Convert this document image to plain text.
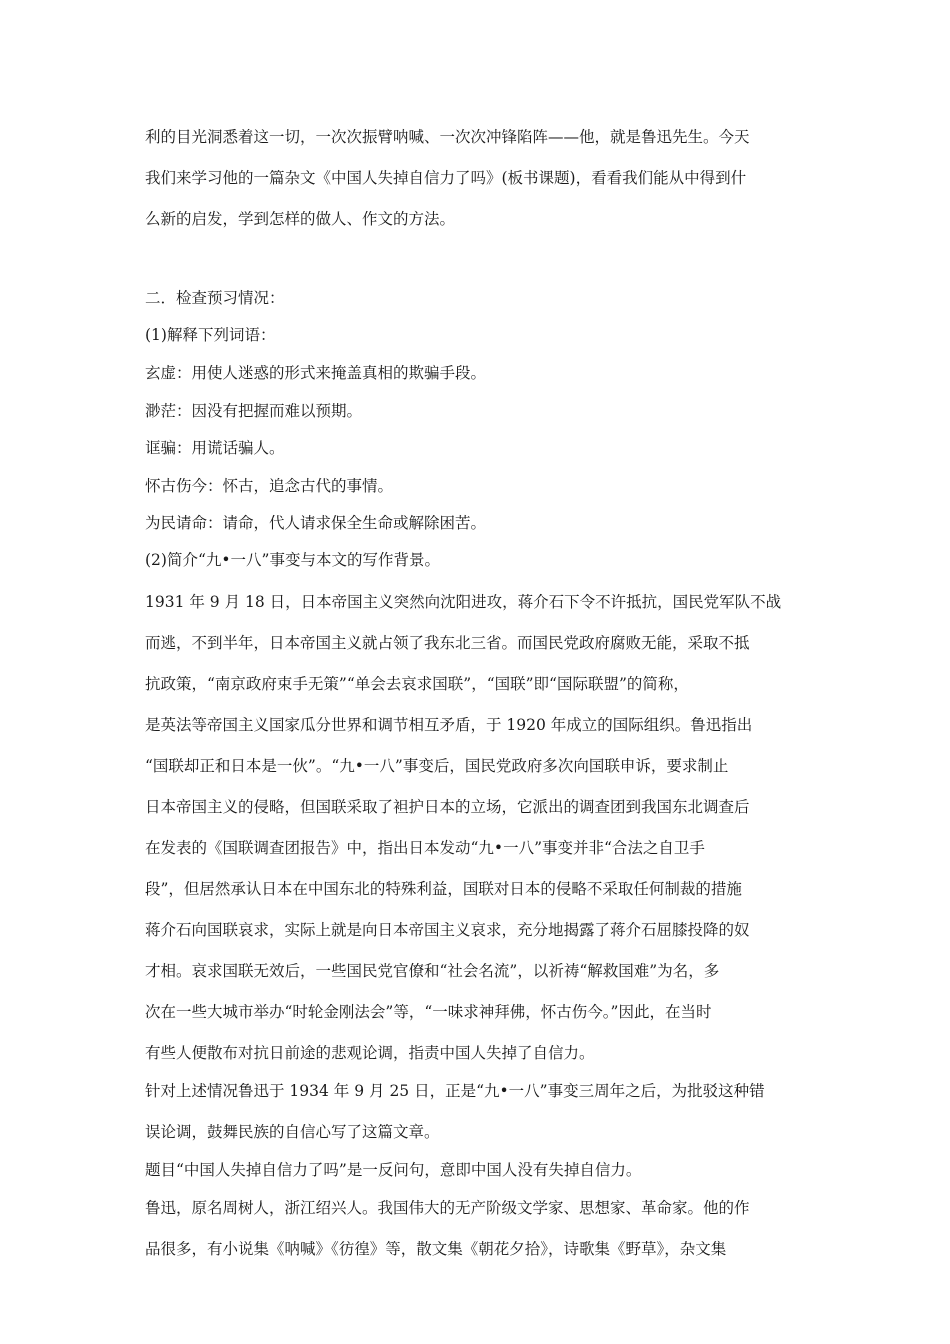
利的目光洞悉着这一切，一次次振臂呐喊、一次次冲锋陷阵——他，就是鲁迅先生。今天

我们来学习他的一篇杂文《中国人失掉自信力了吗》(板书课题)，看看我们能从中得到什

么新的启发，学到怎样的做人、作文的方法。

二．检查预习情况：

(1)解释下列词语：

玄虚：用使人迷惑的形式来掩盖真相的欺骗手段。

渺茫：因没有把握而难以预期。

诓骗：用谎话骗人。

怀古伤今：怀古，追念古代的事情。

为民请命：请命，代人请求保全生命或解除困苦。

(2)简介“九•一八”事变与本文的写作背景。

1931 年 9 月 18 日，日本帝国主义突然向沈阳进攻，蒋介石下令不许抵抗，国民党军队不战

而逃，不到半年，日本帝国主义就占领了我东北三省。而国民党政府腐败无能，采取不抵

抗政策，“南京政府束手无策”“单会去哀求国联”，“国联”即“国际联盟”的简称，

是英法等帝国主义国家瓜分世界和调节相互矛盾，于 1920 年成立的国际组织。鲁迅指出

“国联却正和日本是一伙”。“九•一八”事变后，国民党政府多次向国联申诉，要求制止

日本帝国主义的侵略，但国联采取了袒护日本的立场，它派出的调查团到我国东北调查后

在发表的《国联调查团报告》中，指出日本发动“九•一八”事变并非“合法之自卫手

段”，但居然承认日本在中国东北的特殊利益，国联对日本的侵略不采取任何制裁的措施

蒋介石向国联哀求，实际上就是向日本帝国主义哀求，充分地揭露了蒋介石屈膝投降的奴

才相。哀求国联无效后，一些国民党官僚和“社会名流”，以祈祷“解救国难”为名，多

次在一些大城市举办“时轮金刚法会”等，“一味求神拜佛，怀古伤今。”因此，在当时

有些人便散布对抗日前途的悲观论调，指责中国人失掉了自信力。

针对上述情况鲁迅于 1934 年 9 月 25 日，正是“九•一八”事变三周年之后，为批驳这种错

误论调，鼓舞民族的自信心写了这篇文章。

题目“中国人失掉自信力了吗”是一反问句，意即中国人没有失掉自信力。

鲁迅，原名周树人，浙江绍兴人。我国伟大的无产阶级文学家、思想家、革命家。他的作

品很多，有小说集《呐喊》《彷徨》等，散文集《朝花夕拾》，诗歌集《野草》，杂文集
